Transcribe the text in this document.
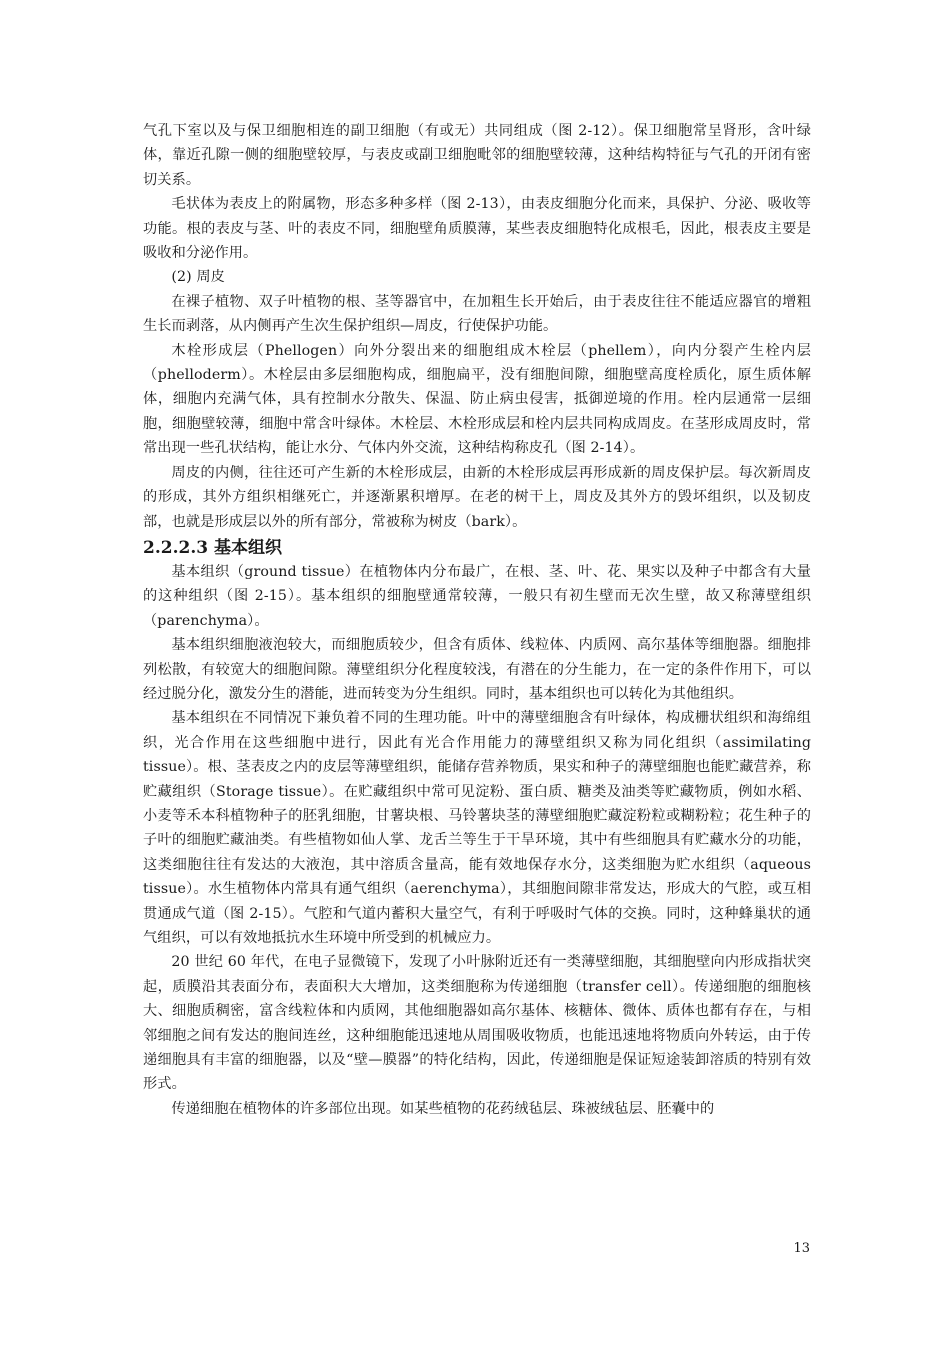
气孔下室以及与保卫细胞相连的副卫细胞（有或无）共同组成（图 2-12）。保卫细胞常呈肾形，含叶绿体，靠近孔隙一侧的细胞壁较厚，与表皮或副卫细胞毗邻的细胞壁较薄，这种结构特征与气孔的开闭有密切关系。

毛状体为表皮上的附属物，形态多种多样（图 2-13），由表皮细胞分化而来，具保护、分泌、吸收等功能。根的表皮与茎、叶的表皮不同，细胞壁角质膜薄，某些表皮细胞特化成根毛，因此，根表皮主要是吸收和分泌作用。

(2) 周皮

在裸子植物、双子叶植物的根、茎等器官中，在加粗生长开始后，由于表皮往往不能适应器官的增粗生长而剥落，从内侧再产生次生保护组织—周皮，行使保护功能。

木栓形成层（Phellogen）向外分裂出来的细胞组成木栓层（phellem），向内分裂产生栓内层（phelloderm）。木栓层由多层细胞构成，细胞扁平，没有细胞间隙，细胞壁高度栓质化，原生质体解体，细胞内充满气体，具有控制水分散失、保温、防止病虫侵害，抵御逆境的作用。栓内层通常一层细胞，细胞壁较薄，细胞中常含叶绿体。木栓层、木栓形成层和栓内层共同构成周皮。在茎形成周皮时，常常出现一些孔状结构，能让水分、气体内外交流，这种结构称皮孔（图 2-14）。

周皮的内侧，往往还可产生新的木栓形成层，由新的木栓形成层再形成新的周皮保护层。每次新周皮的形成，其外方组织相继死亡，并逐渐累积增厚。在老的树干上，周皮及其外方的毁坏组织，以及韧皮部，也就是形成层以外的所有部分，常被称为树皮（bark）。

2.2.2.3 基本组织

基本组织（ground tissue）在植物体内分布最广，在根、茎、叶、花、果实以及种子中都含有大量的这种组织（图 2-15）。基本组织的细胞壁通常较薄，一般只有初生壁而无次生壁，故又称薄壁组织（parenchyma）。

基本组织细胞液泡较大，而细胞质较少，但含有质体、线粒体、内质网、高尔基体等细胞器。细胞排列松散，有较宽大的细胞间隙。薄壁组织分化程度较浅，有潜在的分生能力，在一定的条件作用下，可以经过脱分化，激发分生的潜能，进而转变为分生组织。同时，基本组织也可以转化为其他组织。

基本组织在不同情况下兼负着不同的生理功能。叶中的薄壁细胞含有叶绿体，构成栅状组织和海绵组织，光合作用在这些细胞中进行，因此有光合作用能力的薄壁组织又称为同化组织（assimilating tissue）。根、茎表皮之内的皮层等薄壁组织，能储存营养物质，果实和种子的薄壁细胞也能贮藏营养，称贮藏组织（Storage tissue）。在贮藏组织中常可见淀粉、蛋白质、糖类及油类等贮藏物质，例如水稻、小麦等禾本科植物种子的胚乳细胞，甘薯块根、马铃薯块茎的薄壁细胞贮藏淀粉粒或糊粉粒；花生种子的子叶的细胞贮藏油类。有些植物如仙人掌、龙舌兰等生于干旱环境，其中有些细胞具有贮藏水分的功能，这类细胞往往有发达的大液泡，其中溶质含量高，能有效地保存水分，这类细胞为贮水组织（aqueous tissue）。水生植物体内常具有通气组织（aerenchyma），其细胞间隙非常发达，形成大的气腔，或互相贯通成气道（图 2-15）。气腔和气道内蓄积大量空气，有利于呼吸时气体的交换。同时，这种蜂巢状的通气组织，可以有效地抵抗水生环境中所受到的机械应力。

20 世纪 60 年代，在电子显微镜下，发现了小叶脉附近还有一类薄壁细胞，其细胞壁向内形成指状突起，质膜沿其表面分布，表面积大大增加，这类细胞称为传递细胞（transfer cell）。传递细胞的细胞核大、细胞质稠密，富含线粒体和内质网，其他细胞器如高尔基体、核糖体、微体、质体也都有存在，与相邻细胞之间有发达的胞间连丝，这种细胞能迅速地从周围吸收物质，也能迅速地将物质向外转运，由于传递细胞具有丰富的细胞器，以及“壁—膜器”的特化结构，因此，传递细胞是保证短途装卸溶质的特别有效形式。

传递细胞在植物体的许多部位出现。如某些植物的花药绒毡层、珠被绒毡层、胚囊中的

13
